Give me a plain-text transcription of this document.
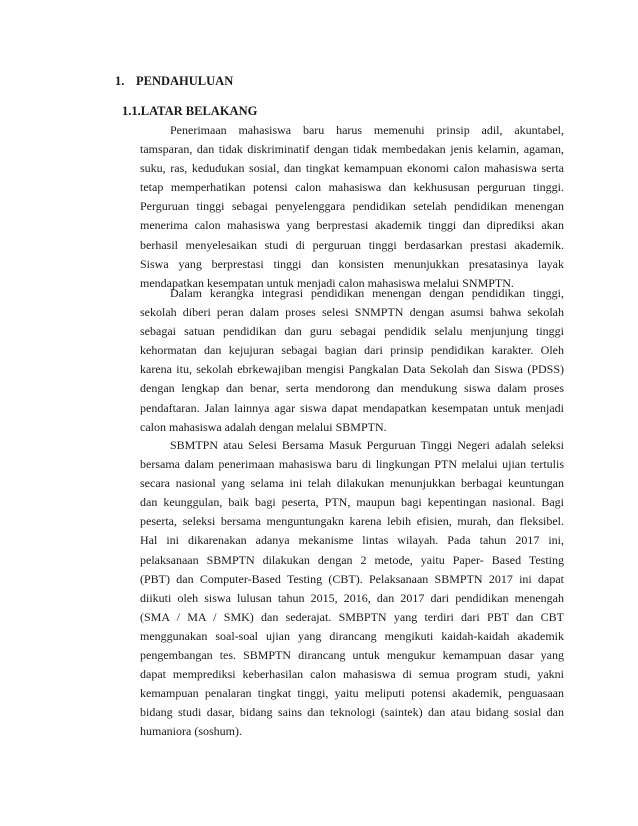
1. PENDAHULUAN
1.1.LATAR BELAKANG
Penerimaan mahasiswa baru harus memenuhi prinsip adil, akuntabel,
tamsparan, dan tidak diskriminatif dengan tidak membedakan jenis kelamin, agaman,
suku, ras, kedudukan sosial, dan tingkat kemampuan ekonomi calon mahasiswa serta
tetap memperhatikan potensi calon mahasiswa dan kekhususan perguruan tinggi.
Perguruan tinggi sebagai penyelenggara pendidikan setelah pendidikan menengan
menerima calon mahasiswa yang berprestasi akademik tinggi dan diprediksi akan
berhasil menyelesaikan studi di perguruan tinggi berdasarkan prestasi akademik.
Siswa yang berprestasi tinggi dan konsisten menunjukkan presatasinya layak
mendapatkan kesempatan untuk menjadi calon mahasiswa melalui SNMPTN.
Dalam kerangka integrasi pendidikan menengan dengan pendidikan tinggi,
sekolah diberi peran dalam proses selesi SNMPTN dengan asumsi bahwa sekolah
sebagai satuan pendidikan dan guru sebagai pendidik selalu menjunjung tinggi
kehormatan dan kejujuran sebagai bagian dari prinsip pendidikan karakter. Oleh
karena itu, sekolah ebrkewajiban mengisi Pangkalan Data Sekolah dan Siswa (PDSS)
dengan lengkap dan benar, serta mendorong dan mendukung siswa dalam proses
pendaftaran. Jalan lainnya agar siswa dapat mendapatkan kesempatan untuk menjadi
calon mahasiswa adalah dengan melalui SBMPTN.
SBMTPN atau Selesi Bersama Masuk Perguruan Tinggi Negeri adalah seleksi
bersama dalam penerimaan mahasiswa baru di lingkungan PTN melalui ujian tertulis
secara nasional yang selama ini telah dilakukan menunjukkan berbagai keuntungan
dan keunggulan, baik bagi peserta, PTN, maupun bagi kepentingan nasional. Bagi
peserta, seleksi bersama menguntungakn karena lebih efisien, murah, dan fleksibel.
Hal ini dikarenakan adanya mekanisme lintas wilayah. Pada tahun 2017 ini,
pelaksanaan SBMPTN dilakukan dengan 2 metode, yaitu Paper- Based Testing
(PBT) dan Computer-Based Testing (CBT). Pelaksanaan SBMPTN 2017 ini dapat
diikuti oleh siswa lulusan tahun 2015, 2016, dan 2017 dari pendidikan menengah
(SMA / MA / SMK) dan sederajat. SMBPTN yang terdiri dari PBT dan CBT
menggunakan soal-soal ujian yang dirancang mengikuti kaidah-kaidah akademik
pengembangan tes. SBMPTN dirancang untuk mengukur kemampuan dasar yang
dapat memprediksi keberhasilan calon mahasiswa di semua program studi, yakni
kemampuan penalaran tingkat tinggi, yaitu meliputi potensi akademik, penguasaan
bidang studi dasar, bidang sains dan teknologi (saintek) dan atau bidang sosial dan
humaniora (soshum).
